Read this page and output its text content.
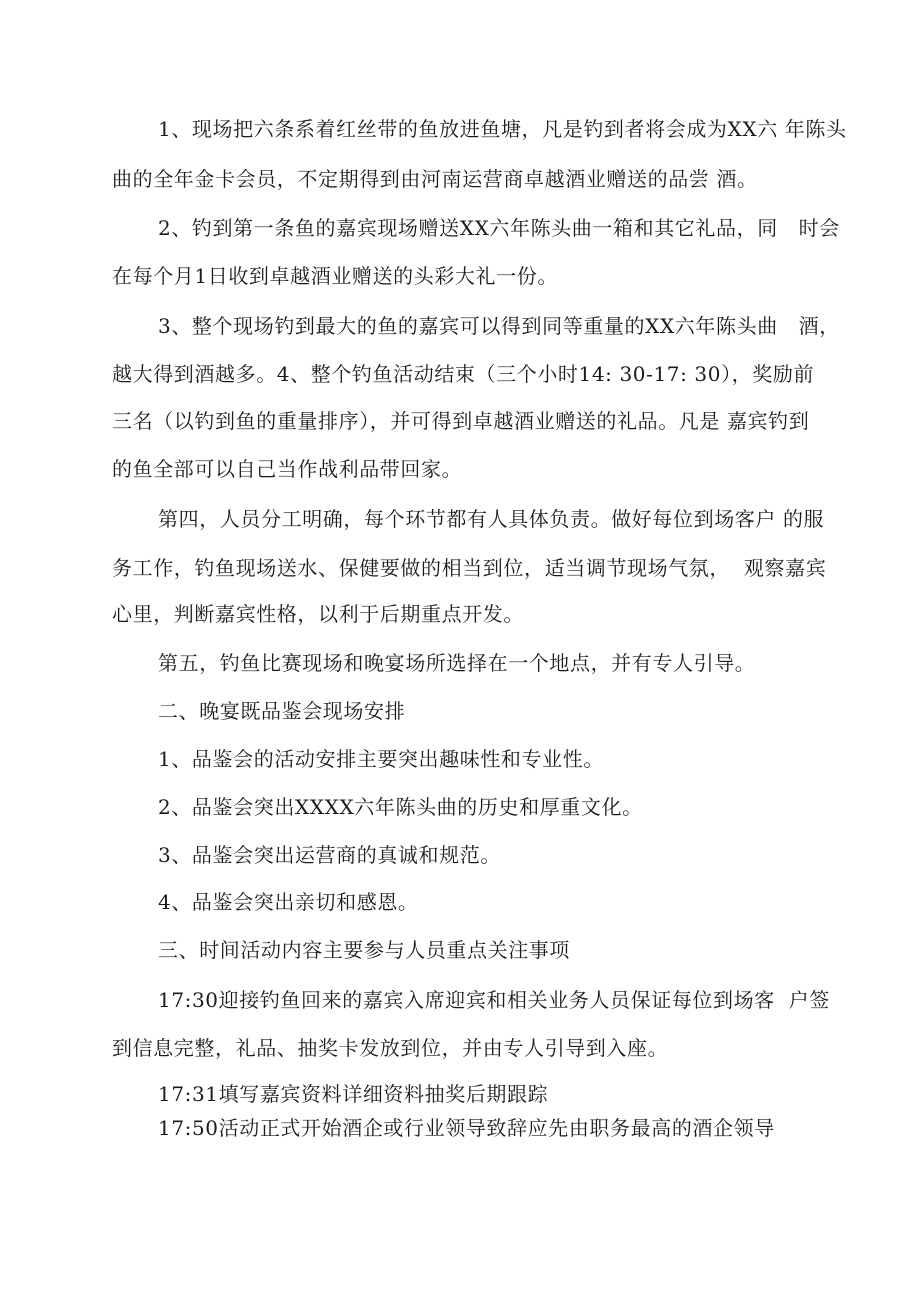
1、现场把六条系着红丝带的鱼放进鱼塘，凡是钓到者将会成为XX六 年陈头
曲的全年金卡会员，不定期得到由河南运营商卓越酒业赠送的品尝 酒。
2、钓到第一条鱼的嘉宾现场赠送XX六年陈头曲一箱和其它礼品，同   时会
在每个月1日收到卓越酒业赠送的头彩大礼一份。
3、整个现场钓到最大的鱼的嘉宾可以得到同等重量的XX六年陈头曲   酒，
越大得到酒越多。4、整个钓鱼活动结束（三个小时14: 30-17: 30），奖励前
三名（以钓到鱼的重量排序），并可得到卓越酒业赠送的礼品。凡是 嘉宾钓到
的鱼全部可以自己当作战利品带回家。
第四，人员分工明确，每个环节都有人具体负责。做好每位到场客户 的服
务工作，钓鱼现场送水、保健要做的相当到位，适当调节现场气氛，  观察嘉宾
心里，判断嘉宾性格，以利于后期重点开发。
第五，钓鱼比赛现场和晚宴场所选择在一个地点，并有专人引导。
二、晚宴既品鉴会现场安排
1、品鉴会的活动安排主要突出趣味性和专业性。
2、品鉴会突出XXXX六年陈头曲的历史和厚重文化。
3、品鉴会突出运营商的真诚和规范。
4、品鉴会突出亲切和感恩。
三、时间活动内容主要参与人员重点关注事项
17:30迎接钓鱼回来的嘉宾入席迎宾和相关业务人员保证每位到场客  户签
到信息完整，礼品、抽奖卡发放到位，并由专人引导到入座。
17:31填写嘉宾资料详细资料抽奖后期跟踪
17:50活动正式开始酒企或行业领导致辞应先由职务最高的酒企领导
